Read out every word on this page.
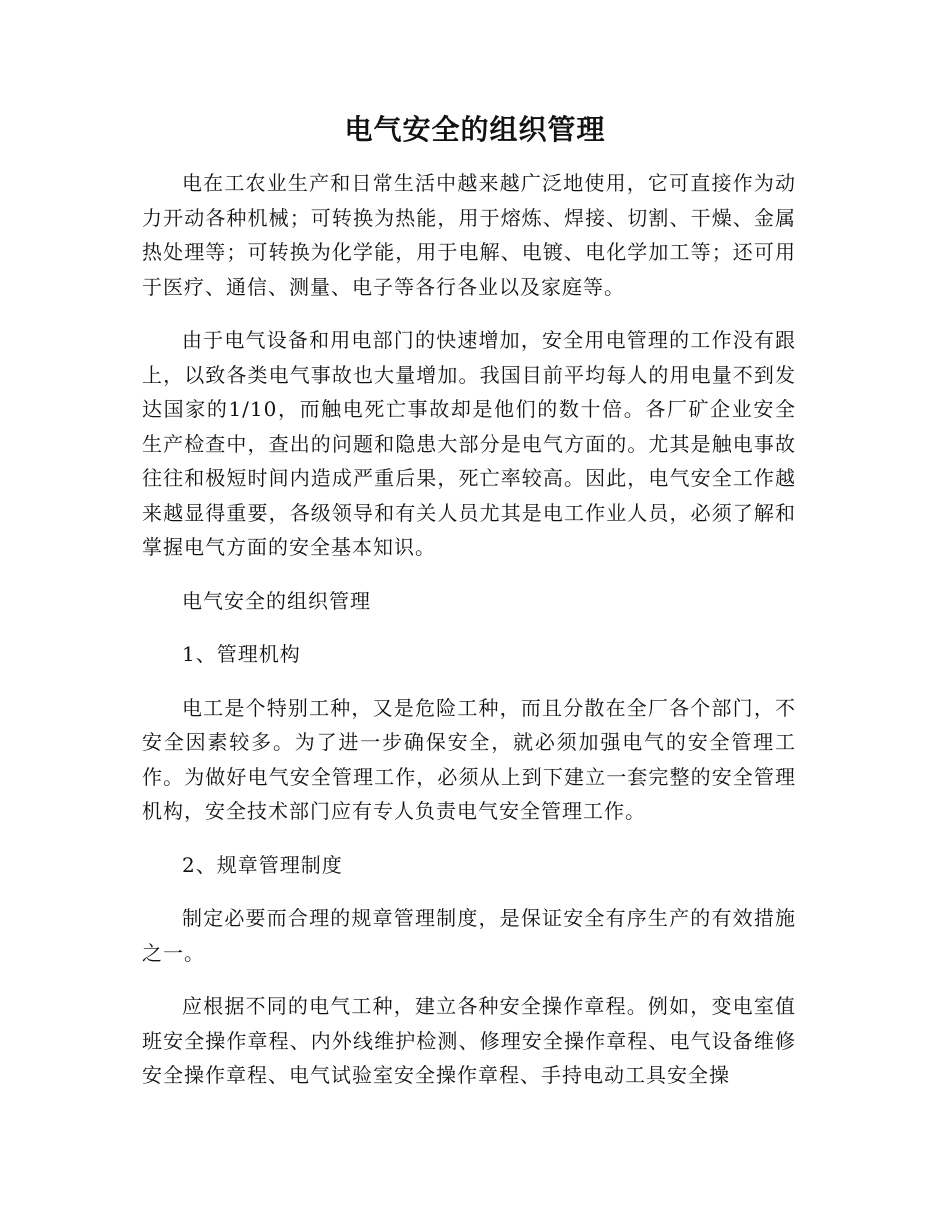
电气安全的组织管理

电在工农业生产和日常生活中越来越广泛地使用，它可直接作为动力开动各种机械；可转换为热能，用于熔炼、焊接、切割、干燥、金属热处理等；可转换为化学能，用于电解、电镀、电化学加工等；还可用于医疗、通信、测量、电子等各行各业以及家庭等。

由于电气设备和用电部门的快速增加，安全用电管理的工作没有跟上，以致各类电气事故也大量增加。我国目前平均每人的用电量不到发达国家的1/10，而触电死亡事故却是他们的数十倍。各厂矿企业安全生产检查中，查出的问题和隐患大部分是电气方面的。尤其是触电事故往往和极短时间内造成严重后果，死亡率较高。因此，电气安全工作越来越显得重要，各级领导和有关人员尤其是电工作业人员，必须了解和掌握电气方面的安全基本知识。

电气安全的组织管理

1、管理机构

电工是个特别工种，又是危险工种，而且分散在全厂各个部门，不安全因素较多。为了进一步确保安全，就必须加强电气的安全管理工作。为做好电气安全管理工作，必须从上到下建立一套完整的安全管理机构，安全技术部门应有专人负责电气安全管理工作。

2、规章管理制度

制定必要而合理的规章管理制度，是保证安全有序生产的有效措施之一。

应根据不同的电气工种，建立各种安全操作章程。例如，变电室值班安全操作章程、内外线维护检测、修理安全操作章程、电气设备维修安全操作章程、电气试验室安全操作章程、手持电动工具安全操
